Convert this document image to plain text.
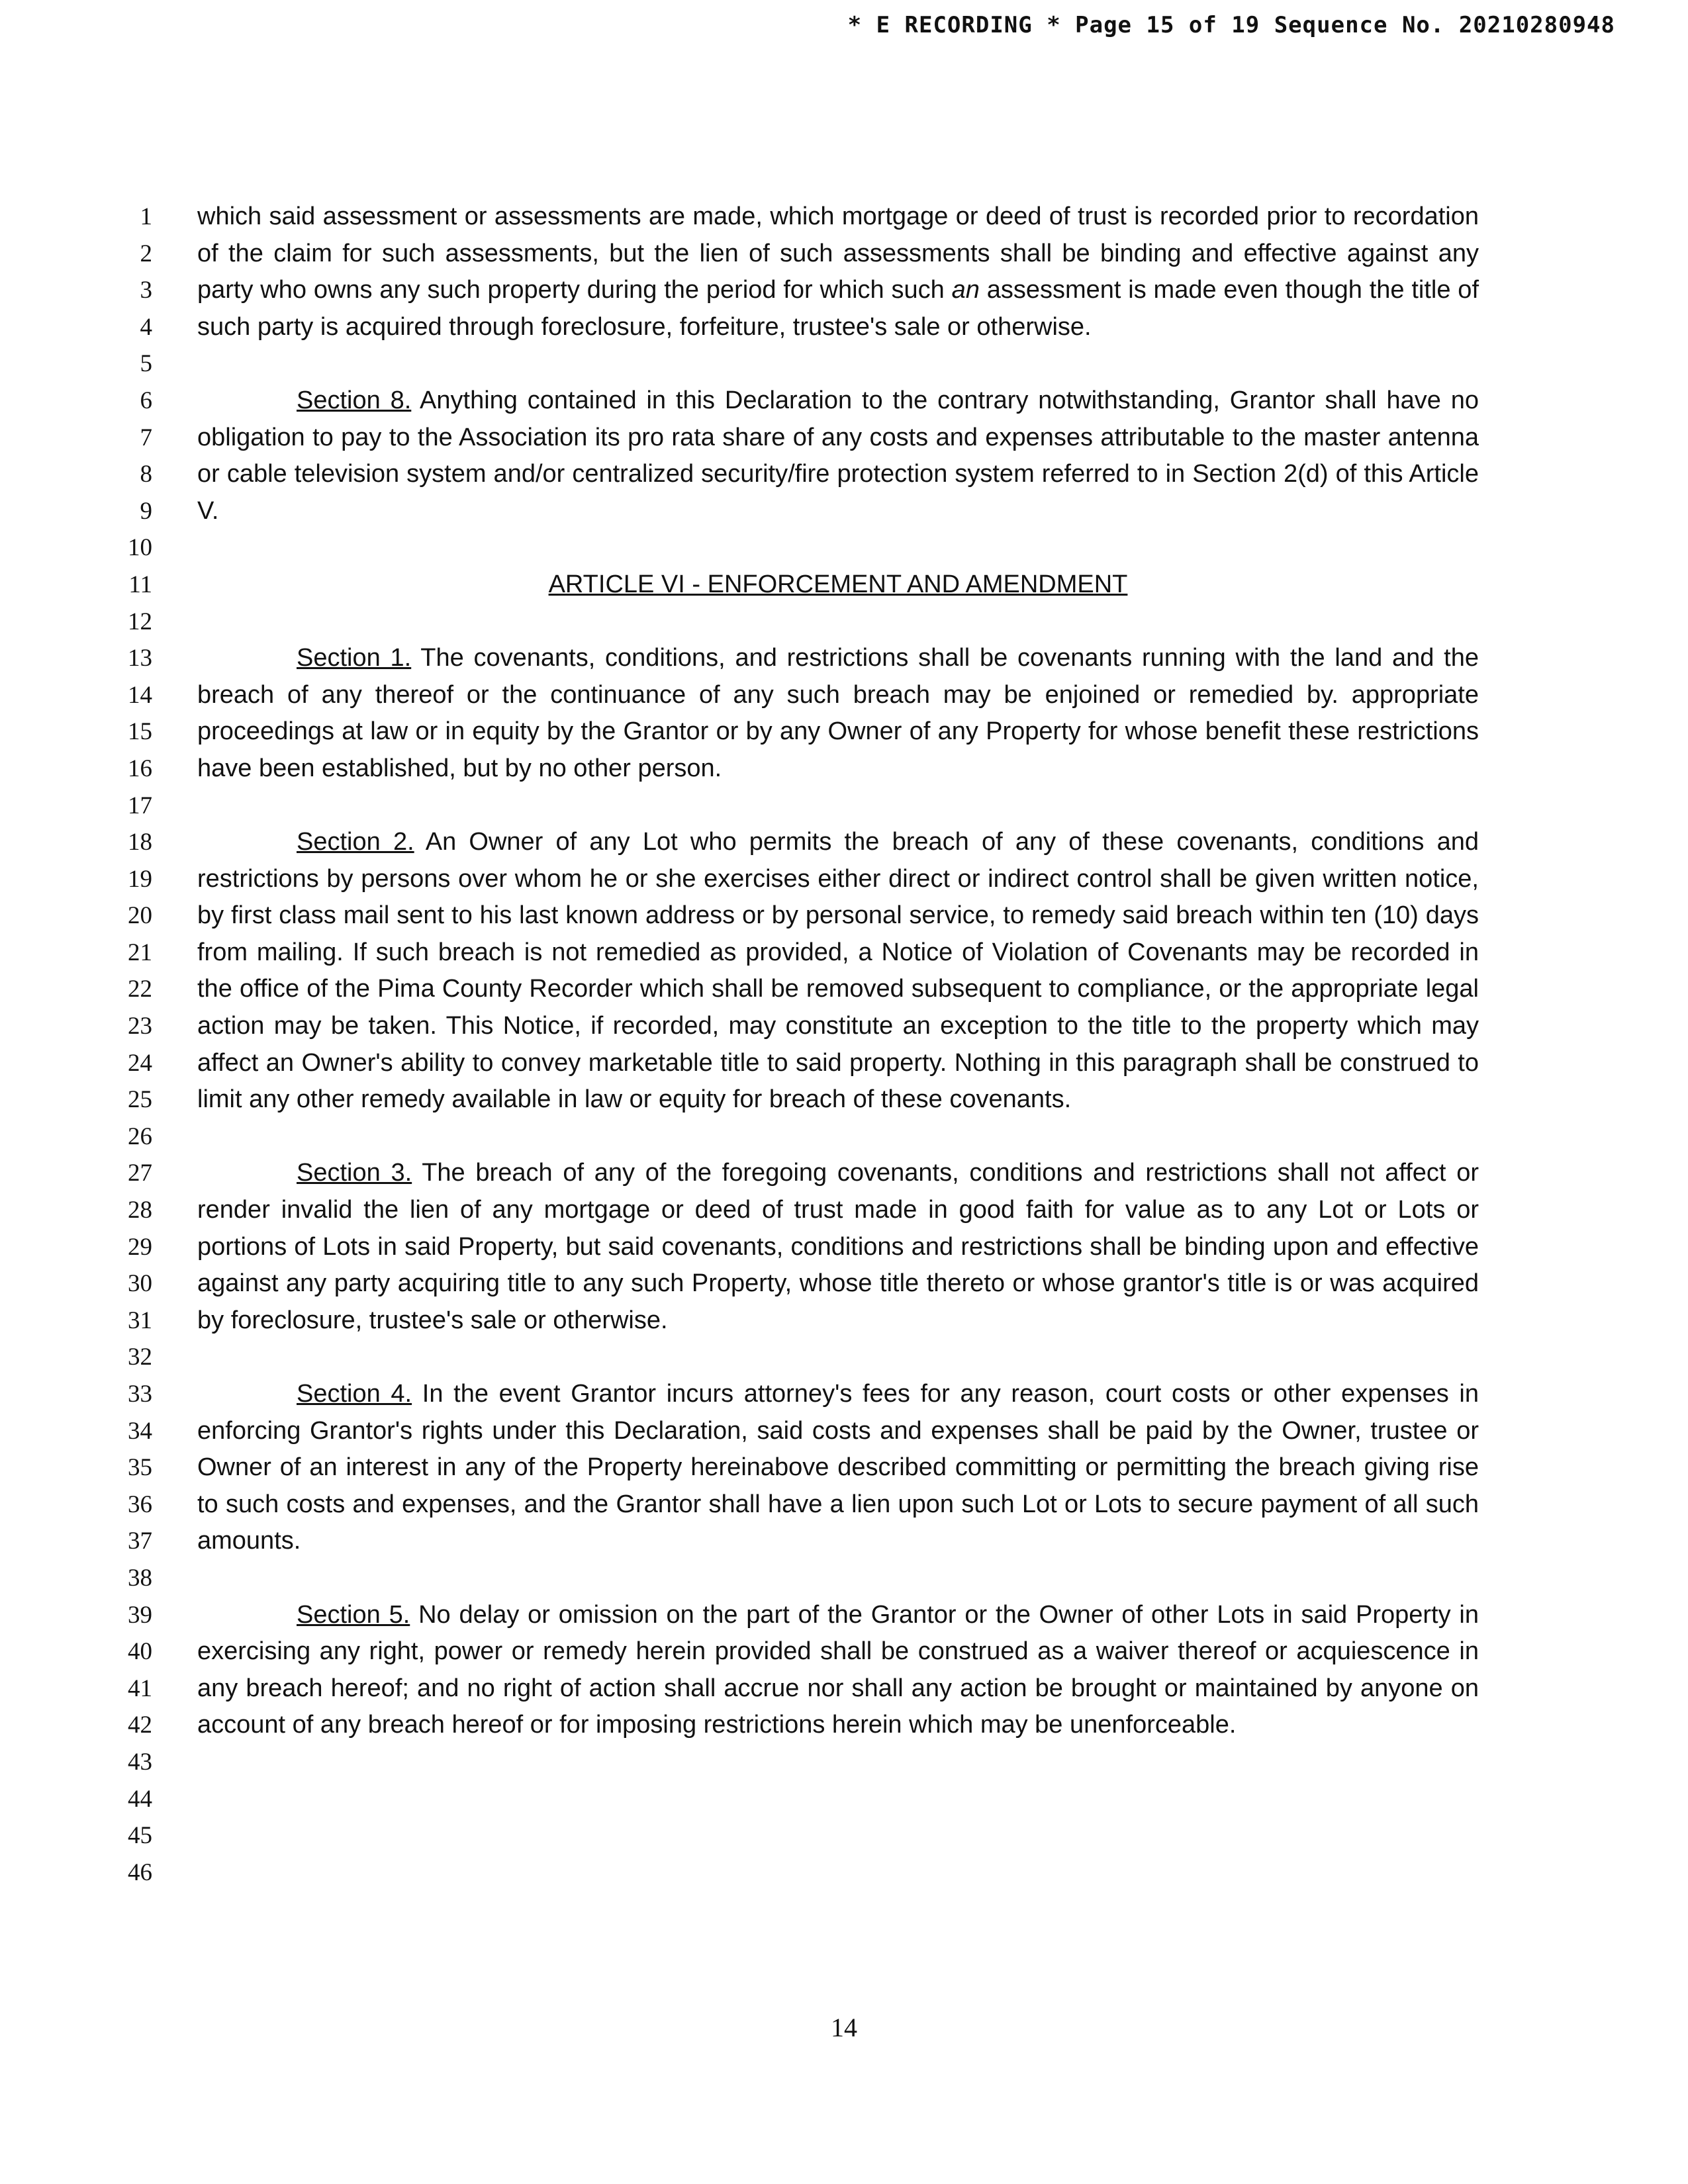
* E RECORDING * Page 15 of 19 Sequence No. 20210280948
1
2
3
4
5
6
7
8
9
10
11
12
13
14
15
16
17
18
19
20
21
22
23
24
25
26
27
28
29
30
31
32
33
34
35
36
37
38
39
40
41
42
43
44
45
46

which said assessment or assessments are made, which mortgage or deed of trust is recorded prior to recordation of the claim for such assessments, but the lien of such assessments shall be binding and effective against any party who owns any such property during the period for which such an assessment is made even though the title of such party is acquired through foreclosure, forfeiture, trustee's sale or otherwise.

Section 8. Anything contained in this Declaration to the contrary notwithstanding, Grantor shall have no obligation to pay to the Association its pro rata share of any costs and expenses attributable to the master antenna or cable television system and/or centralized security/fire protection system referred to in Section 2(d) of this Article V.

ARTICLE VI - ENFORCEMENT AND AMENDMENT

Section 1. The covenants, conditions, and restrictions shall be covenants running with the land and the breach of any thereof or the continuance of any such breach may be enjoined or remedied by. appropriate proceedings at law or in equity by the Grantor or by any Owner of any Property for whose benefit these restrictions have been established, but by no other person.

Section 2. An Owner of any Lot who permits the breach of any of these covenants, conditions and restrictions by persons over whom he or she exercises either direct or indirect control shall be given written notice, by first class mail sent to his last known address or by personal service, to remedy said breach within ten (10) days from mailing. If such breach is not remedied as provided, a Notice of Violation of Covenants may be recorded in the office of the Pima County Recorder which shall be removed subsequent to compliance, or the appropriate legal action may be taken. This Notice, if recorded, may constitute an exception to the title to the property which may affect an Owner's ability to convey marketable title to said property. Nothing in this paragraph shall be construed to limit any other remedy available in law or equity for breach of these covenants.

Section 3. The breach of any of the foregoing covenants, conditions and restrictions shall not affect or render invalid the lien of any mortgage or deed of trust made in good faith for value as to any Lot or Lots or portions of Lots in said Property, but said covenants, conditions and restrictions shall be binding upon and effective against any party acquiring title to any such Property, whose title thereto or whose grantor's title is or was acquired by foreclosure, trustee's sale or otherwise.

Section 4. In the event Grantor incurs attorney's fees for any reason, court costs or other expenses in enforcing Grantor's rights under this Declaration, said costs and expenses shall be paid by the Owner, trustee or Owner of an interest in any of the Property hereinabove described committing or permitting the breach giving rise to such costs and expenses, and the Grantor shall have a lien upon such Lot or Lots to secure payment of all such amounts.

Section 5. No delay or omission on the part of the Grantor or the Owner of other Lots in said Property in exercising any right, power or remedy herein provided shall be construed as a waiver thereof or acquiescence in any breach hereof; and no right of action shall accrue nor shall any action be brought or maintained by anyone on account of any breach hereof or for imposing restrictions herein which may be unenforceable.

14
